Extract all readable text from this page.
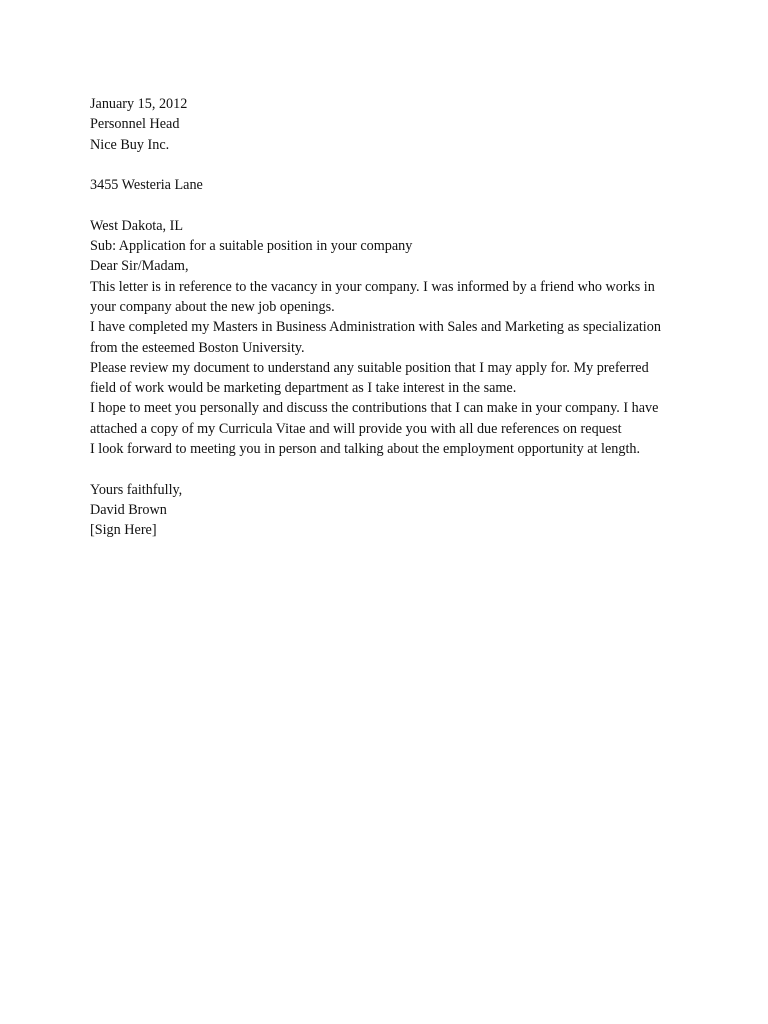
January 15, 2012
Personnel Head
Nice Buy Inc.
3455 Westeria Lane
West Dakota, IL
Sub: Application for a suitable position in your company
Dear Sir/Madam,
This letter is in reference to the vacancy in your company. I was informed by a friend who works in
your company about the new job openings.
I have completed my Masters in Business Administration with Sales and Marketing as specialization
from the esteemed Boston University.
Please review my document to understand any suitable position that I may apply for. My preferred
field of work would be marketing department as I take interest in the same.
I hope to meet you personally and discuss the contributions that I can make in your company. I have
attached a copy of my Curricula Vitae and will provide you with all due references on request
I look forward to meeting you in person and talking about the employment opportunity at length.
Yours faithfully,
David Brown
[Sign Here]
